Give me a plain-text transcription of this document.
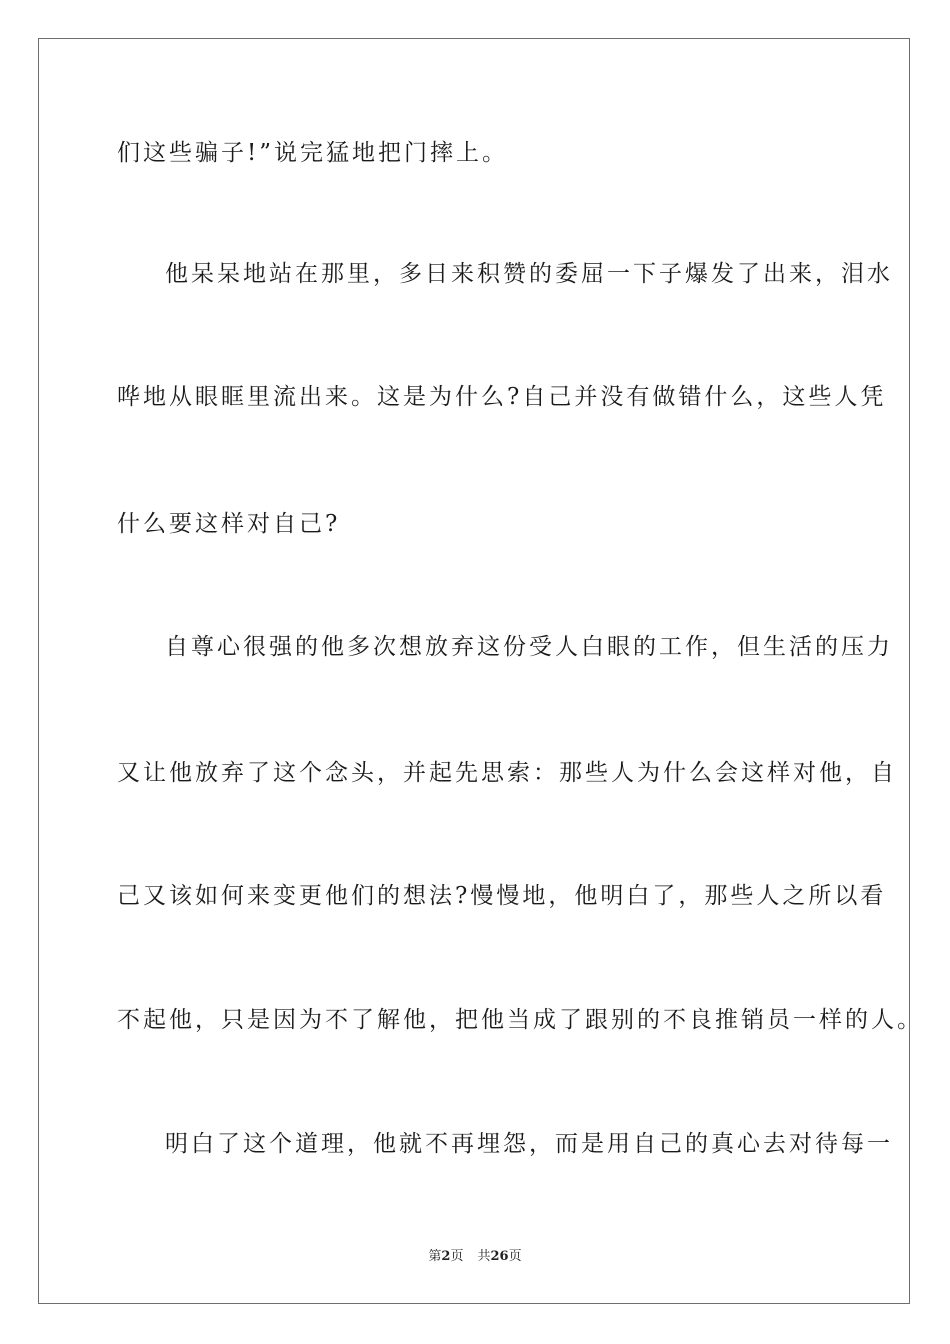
们这些骗子!”说完猛地把门摔上。
他呆呆地站在那里，多日来积赞的委屈一下子爆发了出来，泪水
哗地从眼眶里流出来。这是为什么?自己并没有做错什么，这些人凭
什么要这样对自己?
自尊心很强的他多次想放弃这份受人白眼的工作，但生活的压力
又让他放弃了这个念头，并起先思索：那些人为什么会这样对他，自
己又该如何来变更他们的想法?慢慢地，他明白了，那些人之所以看
不起他，只是因为不了解他，把他当成了跟别的不良推销员一样的人。
明白了这个道理，他就不再埋怨，而是用自己的真心去对待每一
第2页 共26页
